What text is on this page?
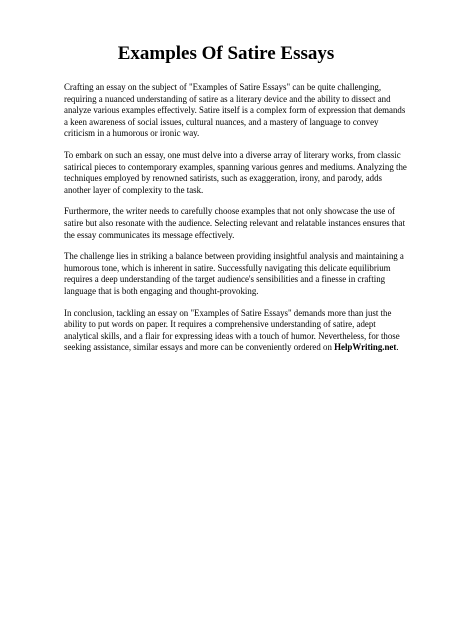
Examples Of Satire Essays

Crafting an essay on the subject of "Examples of Satire Essays" can be quite challenging,
requiring a nuanced understanding of satire as a literary device and the ability to dissect and
analyze various examples effectively. Satire itself is a complex form of expression that demands
a keen awareness of social issues, cultural nuances, and a mastery of language to convey
criticism in a humorous or ironic way.

To embark on such an essay, one must delve into a diverse array of literary works, from classic
satirical pieces to contemporary examples, spanning various genres and mediums. Analyzing the
techniques employed by renowned satirists, such as exaggeration, irony, and parody, adds
another layer of complexity to the task.

Furthermore, the writer needs to carefully choose examples that not only showcase the use of
satire but also resonate with the audience. Selecting relevant and relatable instances ensures that
the essay communicates its message effectively.

The challenge lies in striking a balance between providing insightful analysis and maintaining a
humorous tone, which is inherent in satire. Successfully navigating this delicate equilibrium
requires a deep understanding of the target audience's sensibilities and a finesse in crafting
language that is both engaging and thought-provoking.

In conclusion, tackling an essay on "Examples of Satire Essays" demands more than just the
ability to put words on paper. It requires a comprehensive understanding of satire, adept
analytical skills, and a flair for expressing ideas with a touch of humor. Nevertheless, for those
seeking assistance, similar essays and more can be conveniently ordered on HelpWriting.net.
